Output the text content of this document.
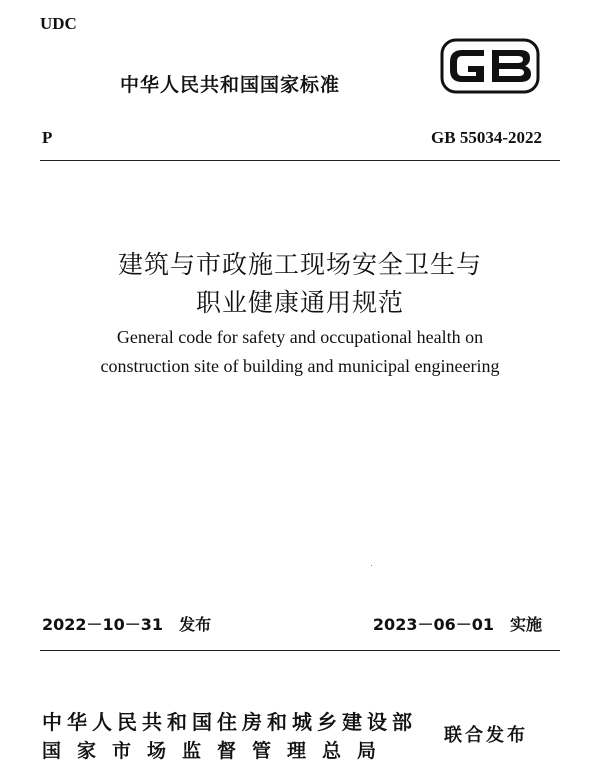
UDC
中华人民共和国国家标准
P	GB 55034-2022
建筑与市政施工现场安全卫生与
职业健康通用规范
General code for safety and occupational health on
construction site of building and municipal engineering
2022－10－31　发布	2023－06－01　实施
中华人民共和国住房和城乡建设部
国家市场监督管理总局
联合发布
